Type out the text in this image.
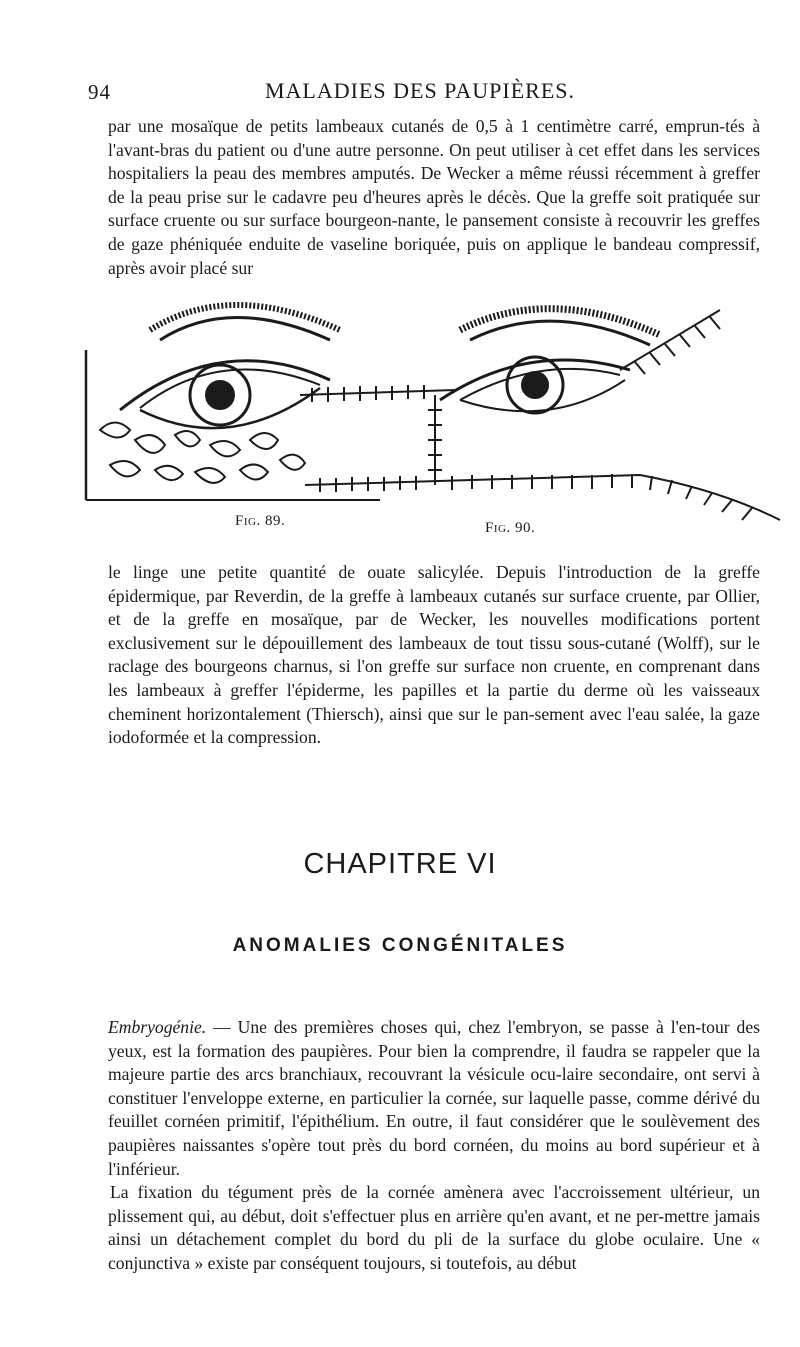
94	MALADIES DES PAUPIÈRES.

par une mosaïque de petits lambeaux cutanés de 0,5 à 1 centimètre carré, emprun-tés à l'avant-bras du patient ou d'une autre personne. On peut utiliser à cet effet dans les services hospitaliers la peau des membres amputés. De Wecker a même réussi récemment à greffer de la peau prise sur le cadavre peu d'heures après le décès. Que la greffe soit pratiquée sur surface cruente ou sur surface bourgeon-nante, le pansement consiste à recouvrir les greffes de gaze phéniquée enduite de vaseline boriquée, puis on applique le bandeau compressif, après avoir placé sur

Fig. 89.	Fig. 90.

le linge une petite quantité de ouate salicylée. Depuis l'introduction de la greffe épidermique, par Reverdin, de la greffe à lambeaux cutanés sur surface cruente, par Ollier, et de la greffe en mosaïque, par de Wecker, les nouvelles modifications portent exclusivement sur le dépouillement des lambeaux de tout tissu sous-cutané (Wolff), sur le raclage des bourgeons charnus, si l'on greffe sur surface non cruente, en comprenant dans les lambeaux à greffer l'épiderme, les papilles et la partie du derme où les vaisseaux cheminent horizontalement (Thiersch), ainsi que sur le pan-sement avec l'eau salée, la gaze iodoformée et la compression.

CHAPITRE VI
ANOMALIES CONGÉNITALES

Embryogénie. — Une des premières choses qui, chez l'embryon, se passe à l'en-tour des yeux, est la formation des paupières. Pour bien la comprendre, il faudra se rappeler que la majeure partie des arcs branchiaux, recouvrant la vésicule ocu-laire secondaire, ont servi à constituer l'enveloppe externe, en particulier la cornée, sur laquelle passe, comme dérivé du feuillet cornéen primitif, l'épithélium. En outre, il faut considérer que le soulèvement des paupières naissantes s'opère tout près du bord cornéen, du moins au bord supérieur et à l'inférieur.

La fixation du tégument près de la cornée amènera avec l'accroissement ultérieur, un plissement qui, au début, doit s'effectuer plus en arrière qu'en avant, et ne per-mettre jamais ainsi un détachement complet du bord du pli de la surface du globe oculaire. Une « conjunctiva » existe par conséquent toujours, si toutefois, au début
